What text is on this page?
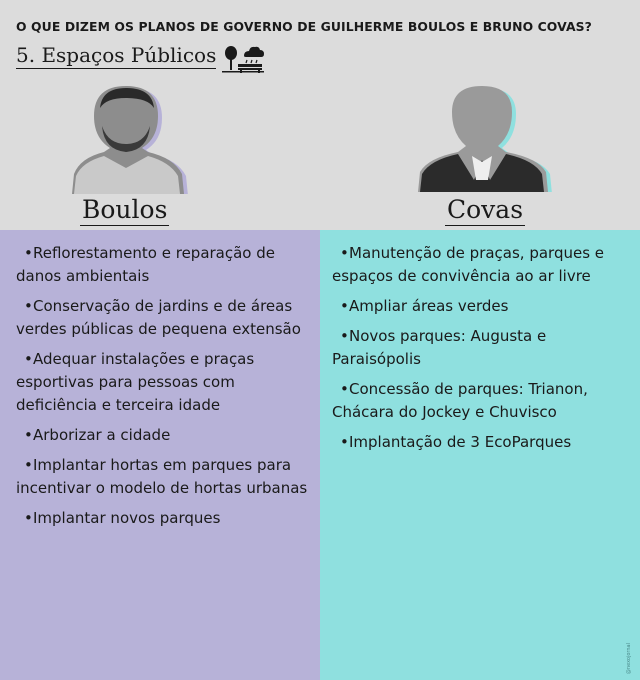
O QUE DIZEM OS PLANOS DE GOVERNO DE GUILHERME BOULOS E BRUNO COVAS?
5. Espaços Públicos
Boulos	Covas
•Reflorestamento e reparação de danos ambientais
•Conservação de jardins e de áreas verdes públicas de pequena extensão
•Adequar instalações e praças esportivas para pessoas com deficiência e terceira idade
•Arborizar a cidade
•Implantar hortas em parques para incentivar o modelo de hortas urbanas
•Implantar novos parques
•Manutenção de praças, parques e espaços de convivência ao ar livre
•Ampliar áreas verdes
•Novos parques: Augusta e Paraisópolis
•Concessão de parques: Trianon, Chácara do Jockey e Chuvisco
•Implantação de 3 EcoParques
@nexojornal
